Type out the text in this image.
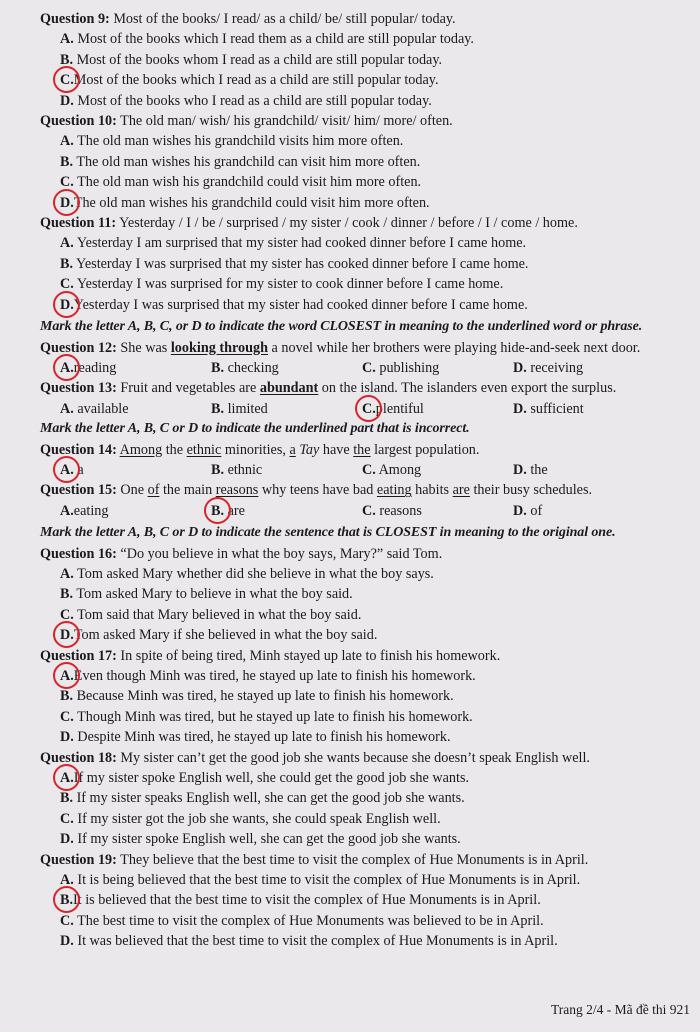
Question 9: Most of the books/ I read/ as a child/ be/ still popular/ today.
A. Most of the books which I read them as a child are still popular today.
B. Most of the books whom I read as a child are still popular today.
C.Most of the books which I read as a child are still popular today.
D. Most of the books who I read as a child are still popular today.
Question 10: The old man/ wish/ his grandchild/ visit/ him/ more/ often.
A. The old man wishes his grandchild visits him more often.
B. The old man wishes his grandchild can visit him more often.
C. The old man wish his grandchild could visit him more often.
D.The old man wishes his grandchild could visit him more often.
Question 11: Yesterday / I / be / surprised / my sister / cook / dinner / before / I / come / home.
A. Yesterday I am surprised that my sister had cooked dinner before I came home.
B. Yesterday I was surprised that my sister has cooked dinner before I came home.
C. Yesterday I was surprised for my sister to cook dinner before I came home.
D.Yesterday I was surprised that my sister had cooked dinner before I came home.
Mark the letter A, B, C, or D to indicate the word CLOSEST in meaning to the underlined word or phrase.
Question 12: She was looking through a novel while her brothers were playing hide-and-seek next door.
A.reading	B. checking	C. publishing	D. receiving
Question 13: Fruit and vegetables are abundant on the island. The islanders even export the surplus.
A. available	B. limited	C.plentiful	D. sufficient
Mark the letter A, B, C or D to indicate the underlined part that is incorrect.
Question 14: Among the ethnic minorities, a Tay have the largest population.
A. a	B. ethnic	C. Among	D. the
Question 15: One of the main reasons why teens have bad eating habits are their busy schedules.
A.eating	B. are	C. reasons	D. of
Mark the letter A, B, C or D to indicate the sentence that is CLOSEST in meaning to the original one.
Question 16: “Do you believe in what the boy says, Mary?” said Tom.
A. Tom asked Mary whether did she believe in what the boy says.
B. Tom asked Mary to believe in what the boy said.
C. Tom said that Mary believed in what the boy said.
D.Tom asked Mary if she believed in what the boy said.
Question 17: In spite of being tired, Minh stayed up late to finish his homework.
A.Even though Minh was tired, he stayed up late to finish his homework.
B. Because Minh was tired, he stayed up late to finish his homework.
C. Though Minh was tired, but he stayed up late to finish his homework.
D. Despite Minh was tired, he stayed up late to finish his homework.
Question 18: My sister can’t get the good job she wants because she doesn’t speak English well.
A.If my sister spoke English well, she could get the good job she wants.
B. If my sister speaks English well, she can get the good job she wants.
C. If my sister got the job she wants, she could speak English well.
D. If my sister spoke English well, she can get the good job she wants.
Question 19: They believe that the best time to visit the complex of Hue Monuments is in April.
A. It is being believed that the best time to visit the complex of Hue Monuments is in April.
B.It is believed that the best time to visit the complex of Hue Monuments is in April.
C. The best time to visit the complex of Hue Monuments was believed to be in April.
D. It was believed that the best time to visit the complex of Hue Monuments is in April.
Trang 2/4 - Mã đề thi 921
